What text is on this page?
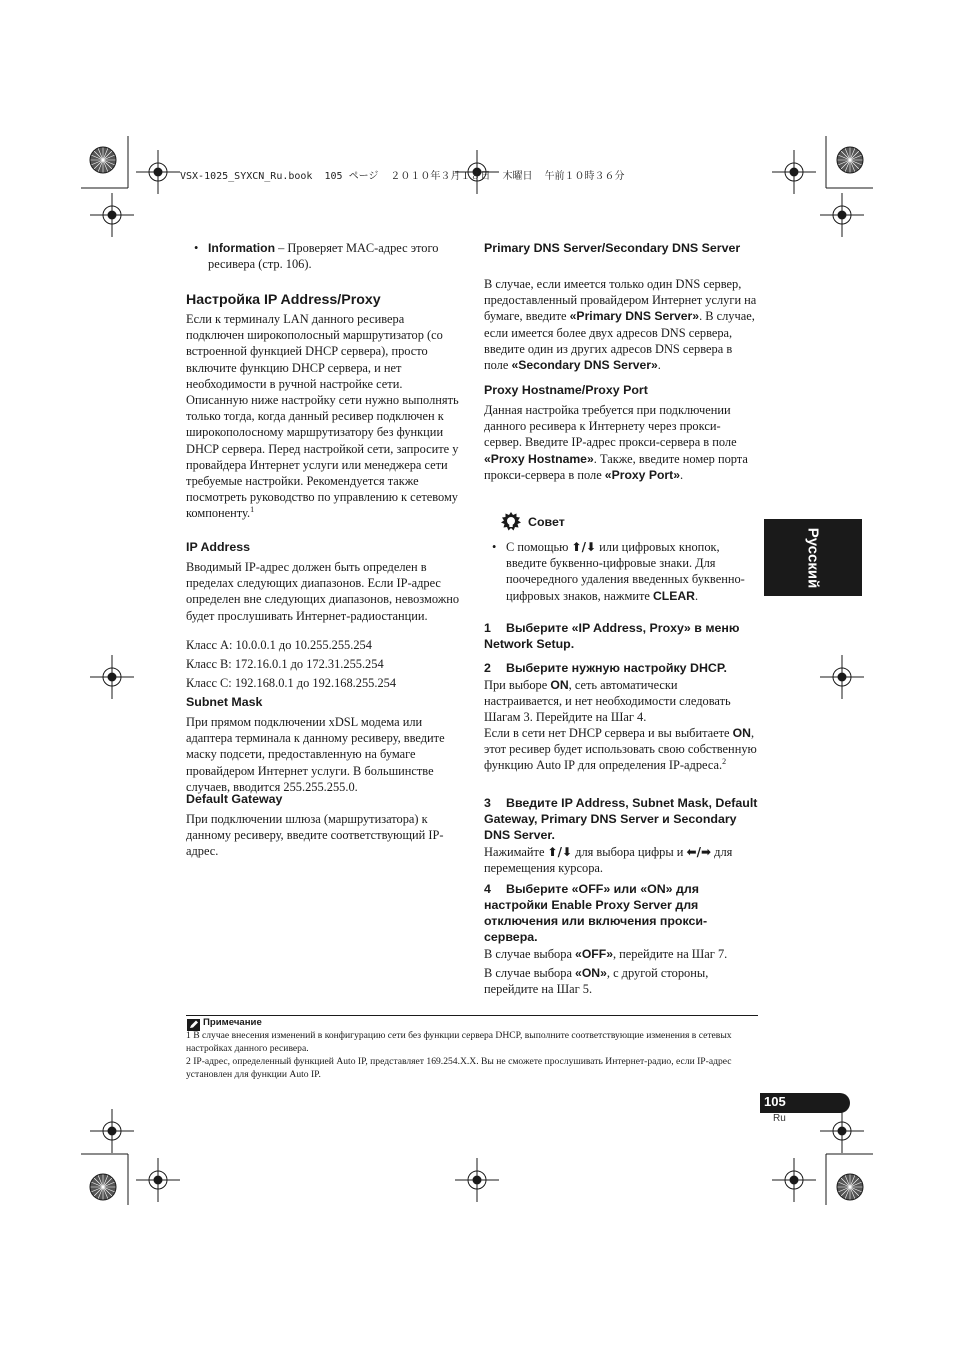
VSX-1025_SYXCN_Ru.book  105 ページ  ２０１０年３月１８日  木曜日  午前１０時３６分
• Information – Проверяет MAC-адрес этого ресивера (стр. 106).
Настройка IP Address/Proxy
Если к терминалу LAN данного ресивера подключен широкополосный маршрутизатор (со встроенной функцией DHCP сервера), просто включите функцию DHCP сервера, и нет необходимости в ручной настройке сети. Описанную ниже настройку сети нужно выполнять только тогда, когда данный ресивер подключен к широкополосному маршрутизатору без функции DHCP сервера. Перед настройкой сети, запросите у провайдера Интернет услуги или менеджера сети требуемые настройки. Рекомендуется также посмотреть руководство по управлению к сетевому компоненту.$^1$
IP Address
Вводимый IP-адрес должен быть определен в пределах следующих диапазонов. Если IP-адрес определен вне следующих диапазонов, невозможно будет прослушивать Интернет-радиостанции.
Класс A: 10.0.0.1 до 10.255.255.254
Класс B: 172.16.0.1 до 172.31.255.254
Класс C: 192.168.0.1 до 192.168.255.254
Subnet Mask
При прямом подключении xDSL модема или адаптера терминала к данному ресиверу, введите маску подсети, предоставленную на бумаге провайдером Интернет услуги. В большинстве случаев, вводится 255.255.255.0.
Default Gateway
При подключении шлюза (маршрутизатора) к данному ресиверу, введите соответствующий IP-адрес.
Primary DNS Server/Secondary DNS Server
В случае, если имеется только один DNS сервер, предоставленный провайдером Интернет услуги на бумаге, введите «Primary DNS Server». В случае, если имеется более двух адресов DNS сервера, введите один из других адресов DNS сервера в поле «Secondary DNS Server».
Proxy Hostname/Proxy Port
Данная настройка требуется при подключении данного ресивера к Интернету через прокси-сервер. Введите IP-адрес прокси-сервера в поле «Proxy Hostname». Также, введите номер порта прокси-сервера в поле «Proxy Port».
Совет
• С помощью ⬆/⬇ или цифровых кнопок, введите буквенно-цифровые знаки. Для поочередного удаления введенных буквенно-цифровых знаков, нажмите CLEAR.
1 Выберите «IP Address, Proxy» в меню Network Setup.
2 Выберите нужную настройку DHCP.
При выборе ON, сеть автоматически настраивается, и нет необходимости следовать Шагам 3. Перейдите на Шаг 4.
Если в сети нет DHCP сервера и вы выбитаете ON, этот ресивер будет использовать свою собственную функцию Auto IP для определения IP-адреса.$^2$
3 Введите IP Address, Subnet Mask, Default Gateway, Primary DNS Server и Secondary DNS Server.
Нажимайте ⬆/⬇ для выбора цифры и ⬅/➡ для перемещения курсора.
4 Выберите «OFF» или «ON» для настройки Enable Proxy Server для отключения или включения прокси-сервера.
В случае выбора «OFF», перейдите на Шаг 7.
В случае выбора «ON», с другой стороны, перейдите на Шаг 5.
Русский
Примечание
1 В случае внесения изменений в конфигурацию сети без функции сервера DHCP, выполните соответствующие изменения в сетевых настройках данного ресивера.
2 IP-адрес, определенный функцией Auto IP, представляет 169.254.X.X. Вы не сможете прослушивать Интернет-радио, если IP-адрес установлен для функции Auto IP.
105
Ru
